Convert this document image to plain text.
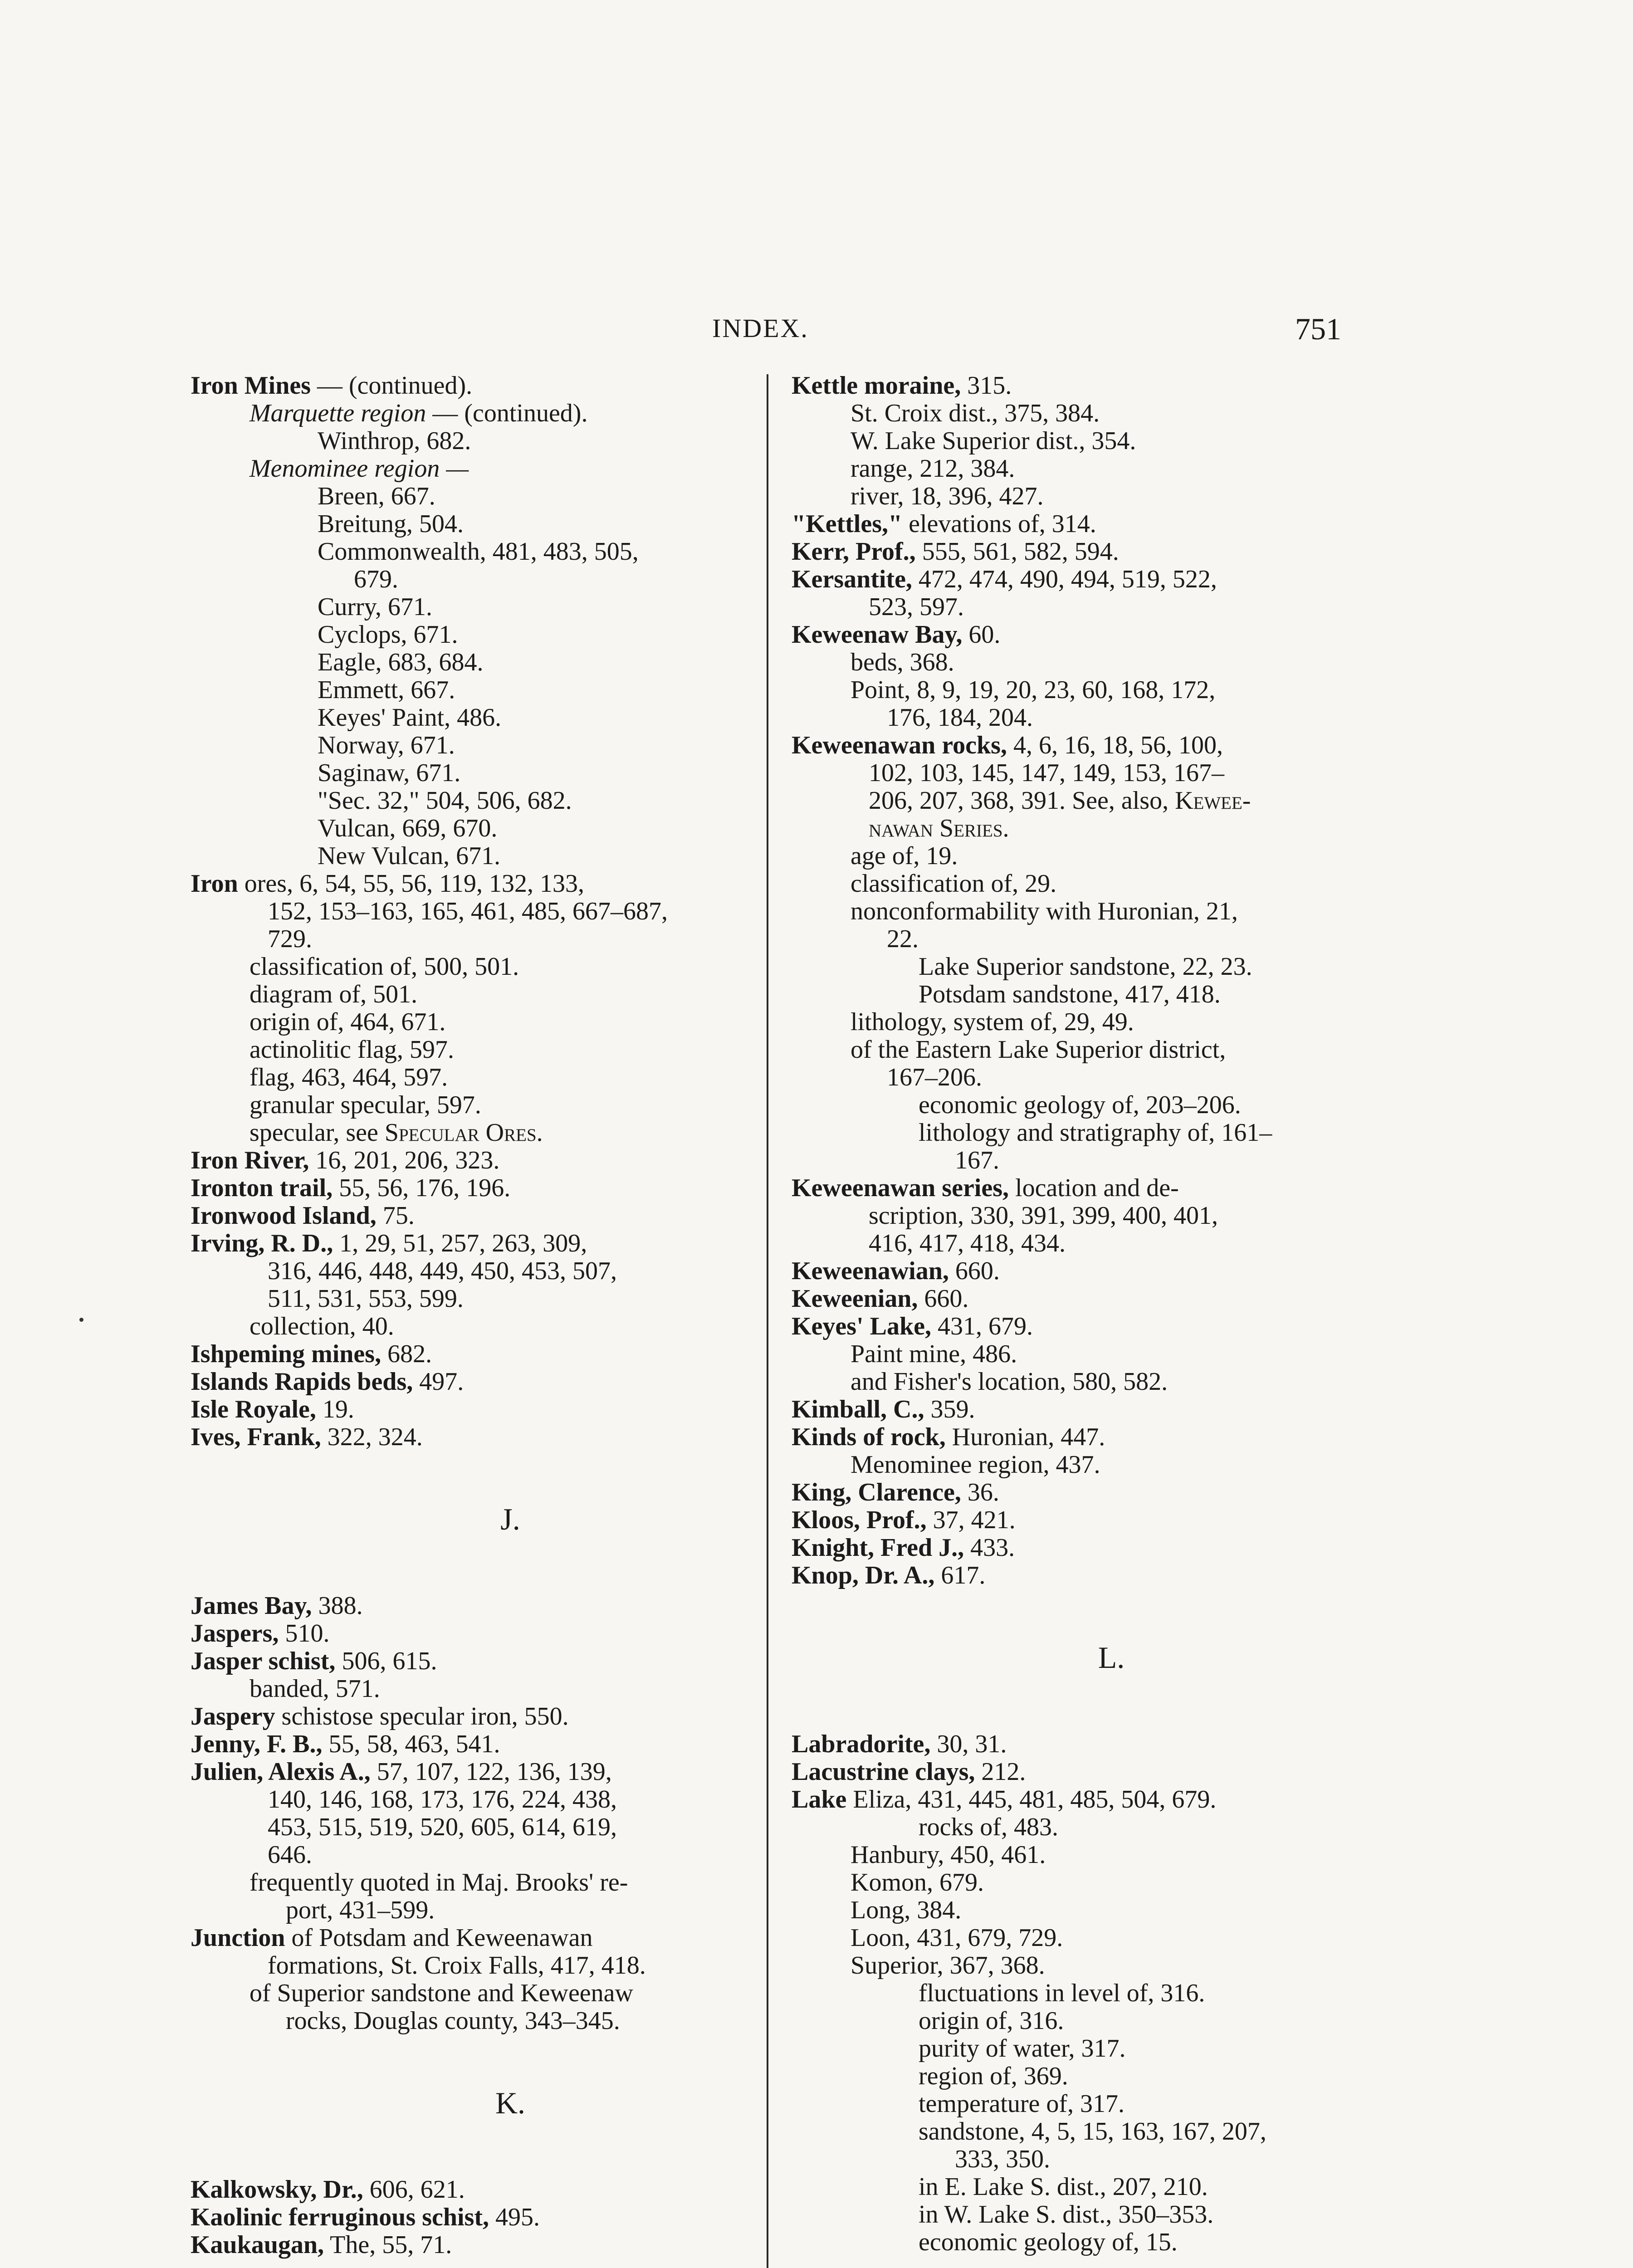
INDEX.	751
Iron Mines — (continued).
Marquette region — (continued).
Winthrop, 682.
Menominee region —
Breen, 667.
Breitung, 504.
Commonwealth, 481, 483, 505,
679.
Curry, 671.
Cyclops, 671.
Eagle, 683, 684.
Emmett, 667.
Keyes' Paint, 486.
Norway, 671.
Saginaw, 671.
"Sec. 32," 504, 506, 682.
Vulcan, 669, 670.
New Vulcan, 671.
Iron ores, 6, 54, 55, 56, 119, 132, 133,
152, 153–163, 165, 461, 485, 667–687,
729.
classification of, 500, 501.
diagram of, 501.
origin of, 464, 671.
actinolitic flag, 597.
flag, 463, 464, 597.
granular specular, 597.
specular, see Specular Ores.
Iron River, 16, 201, 206, 323.
Ironton trail, 55, 56, 176, 196.
Ironwood Island, 75.
Irving, R. D., 1, 29, 51, 257, 263, 309,
316, 446, 448, 449, 450, 453, 507,
511, 531, 553, 599.
collection, 40.
Ishpeming mines, 682.
Islands Rapids beds, 497.
Isle Royale, 19.
Ives, Frank, 322, 324.
J.
James Bay, 388.
Jaspers, 510.
Jasper schist, 506, 615.
banded, 571.
Jaspery schistose specular iron, 550.
Jenny, F. B., 55, 58, 463, 541.
Julien, Alexis A., 57, 107, 122, 136, 139,
140, 146, 168, 173, 176, 224, 438,
453, 515, 519, 520, 605, 614, 619,
646.
frequently quoted in Maj. Brooks' re-
port, 431–599.
Junction of Potsdam and Keweenawan
formations, St. Croix Falls, 417, 418.
of Superior sandstone and Keweenaw
rocks, Douglas county, 343–345.
K.
Kalkowsky, Dr., 606, 621.
Kaolinic ferruginous schist, 495.
Kaukaugan, The, 55, 71.
Kettle moraine, 315.
St. Croix dist., 375, 384.
W. Lake Superior dist., 354.
range, 212, 384.
river, 18, 396, 427.
"Kettles," elevations of, 314.
Kerr, Prof., 555, 561, 582, 594.
Kersantite, 472, 474, 490, 494, 519, 522,
523, 597.
Keweenaw Bay, 60.
beds, 368.
Point, 8, 9, 19, 20, 23, 60, 168, 172,
176, 184, 204.
Keweenawan rocks, 4, 6, 16, 18, 56, 100,
102, 103, 145, 147, 149, 153, 167–
206, 207, 368, 391. See, also, Kewee-
nawan Series.
age of, 19.
classification of, 29.
nonconformability with Huronian, 21,
22.
Lake Superior sandstone, 22, 23.
Potsdam sandstone, 417, 418.
lithology, system of, 29, 49.
of the Eastern Lake Superior district,
167–206.
economic geology of, 203–206.
lithology and stratigraphy of, 161–
167.
Keweenawan series, location and de-
scription, 330, 391, 399, 400, 401,
416, 417, 418, 434.
Keweenawian, 660.
Keweenian, 660.
Keyes' Lake, 431, 679.
Paint mine, 486.
and Fisher's location, 580, 582.
Kimball, C., 359.
Kinds of rock, Huronian, 447.
Menominee region, 437.
King, Clarence, 36.
Kloos, Prof., 37, 421.
Knight, Fred J., 433.
Knop, Dr. A., 617.
L.
Labradorite, 30, 31.
Lacustrine clays, 212.
Lake Eliza, 431, 445, 481, 485, 504, 679.
rocks of, 483.
Hanbury, 450, 461.
Komon, 679.
Long, 384.
Loon, 431, 679, 729.
Superior, 367, 368.
fluctuations in level of, 316.
origin of, 316.
purity of water, 317.
region of, 369.
temperature of, 317.
sandstone, 4, 5, 15, 163, 167, 207,
333, 350.
in E. Lake S. dist., 207, 210.
in W. Lake S. dist., 350–353.
economic geology of, 15.
